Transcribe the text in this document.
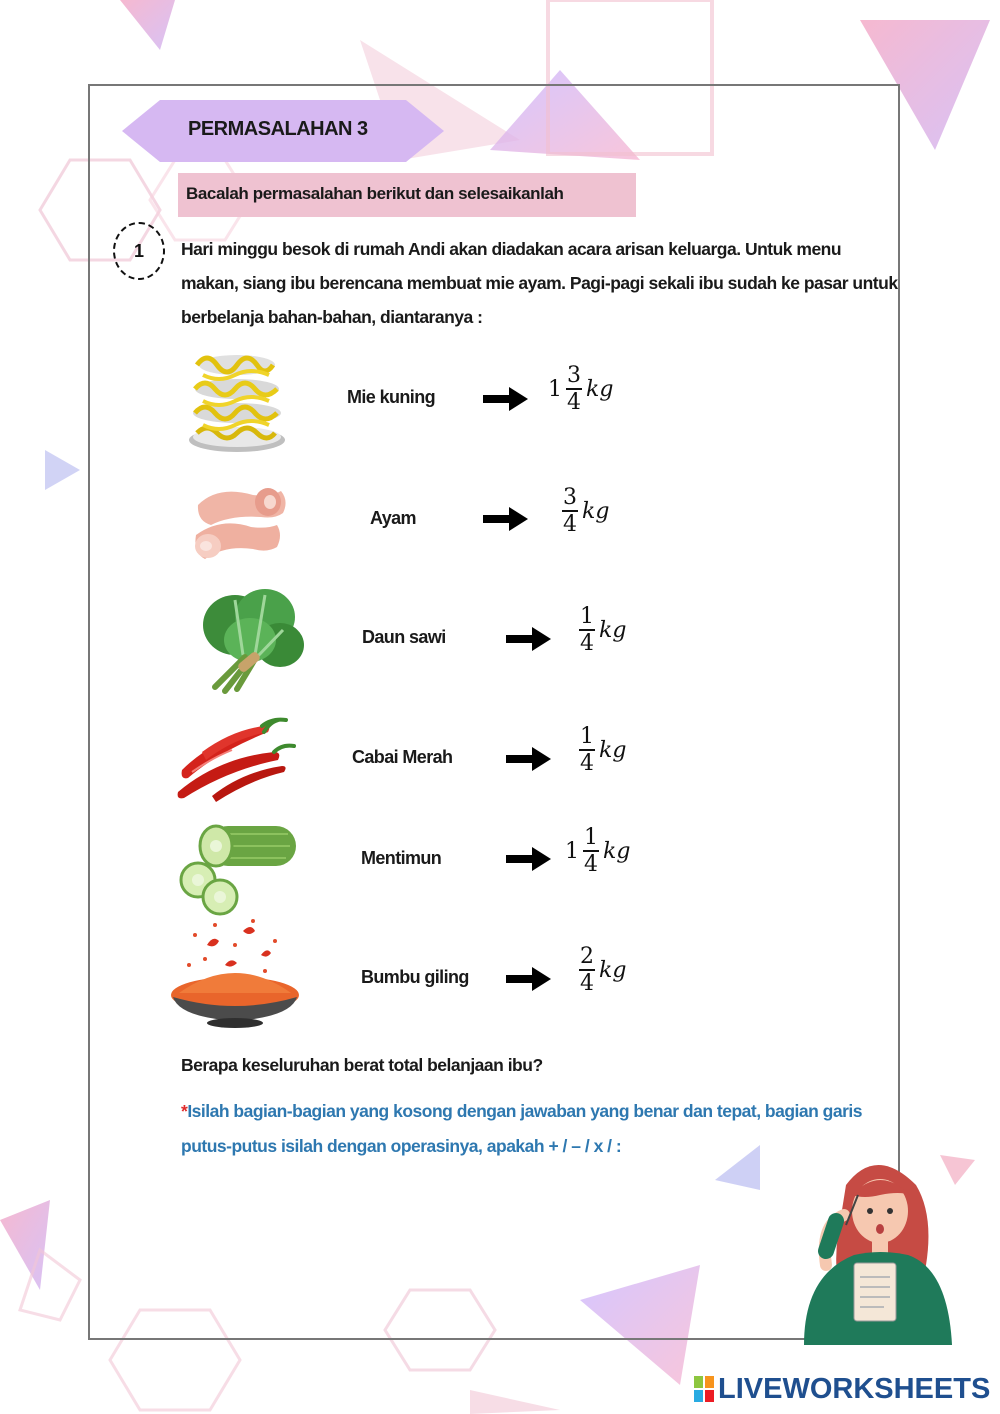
PERMASALAHAN 3
Bacalah permasalahan berikut dan selesaikanlah
1	Hari minggu besok di rumah Andi akan diadakan acara arisan keluarga. Untuk menu makan, siang ibu berencana membuat mie ayam. Pagi-pagi sekali ibu sudah ke pasar untuk berbelanja bahan-bahan, diantaranya :
Mie kuning	$1 \frac{3}{4}$ kg
Ayam	$\frac{3}{4}$ kg
Daun sawi	$\frac{1}{4}$ kg
Cabai Merah	$\frac{1}{4}$ kg
Mentimun	$1 \frac{1}{4}$ kg
Bumbu giling	$\frac{2}{4}$ kg
Berapa keseluruhan berat total belanjaan ibu?
*Isilah bagian-bagian yang kosong dengan jawaban yang benar dan tepat, bagian garis putus-putus isilah dengan operasinya, apakah + / – / x / :
LIVEWORKSHEETS
